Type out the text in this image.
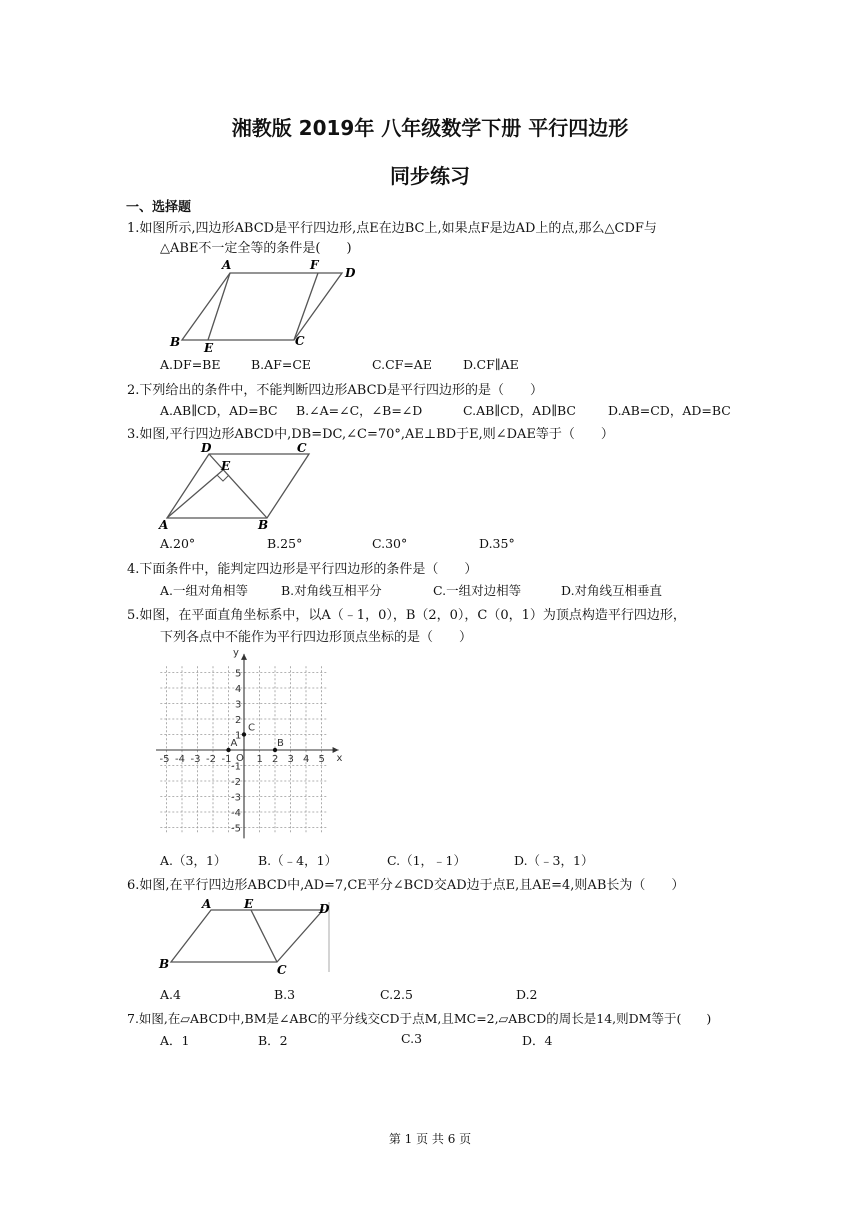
湘教版 2019年 八年级数学下册 平行四边形
同步练习
一、选择题
1.如图所示,四边形ABCD是平行四边形,点E在边BC上,如果点F是边AD上的点,那么△CDF与
△ABE不一定全等的条件是(　　)
A	F
D
B E	C
A.DF=BE B.AF=CE	C.CF=AE D.CF∥AE
2.下列给出的条件中，不能判断四边形ABCD是平行四边形的是（　　）
A.AB∥CD，AD=BC B.∠A=∠C，∠B=∠D	C.AB∥CD，AD∥BC	D.AB=CD，AD=BC
3.如图,平行四边形ABCD中,DB=DC,∠C=70°,AE⊥BD于E,则∠DAE等于（　　）
D
E
C
A	B
A.20°	B.25°	C.30°	D.35°
4.下面条件中，能判定四边形是平行四边形的条件是（　　）
A.一组对角相等	B.对角线互相平分	C.一组对边相等	D.对角线互相垂直
5.如图，在平面直角坐标系中，以A（﹣1，0），B（2，0），C（0，1）为顶点构造平行四边形，
下列各点中不能作为平行四边形顶点坐标的是（　　）
x
y
O
-5 -4 -3 -2 -1	1 2 3 4 5
1
2
3
4
5
-1
-2
-3
-4
-5
A	B
C
A.（3，1）	B.（﹣4，1）	C.（1，﹣1）	D.（﹣3，1）
6.如图,在平行四边形ABCD中,AD=7,CE平分∠BCD交AD边于点E,且AE=4,则AB长为（　　）
A	E	D
B	C
A.4	B.3	C.2.5	D.2
7.如图,在▱ABCD中,BM是∠ABC的平分线交CD于点M,且MC=2,▱ABCD的周长是14,则DM等于(　　)
A．1	B．2	C.3	D．4
第 1 页 共 6 页
